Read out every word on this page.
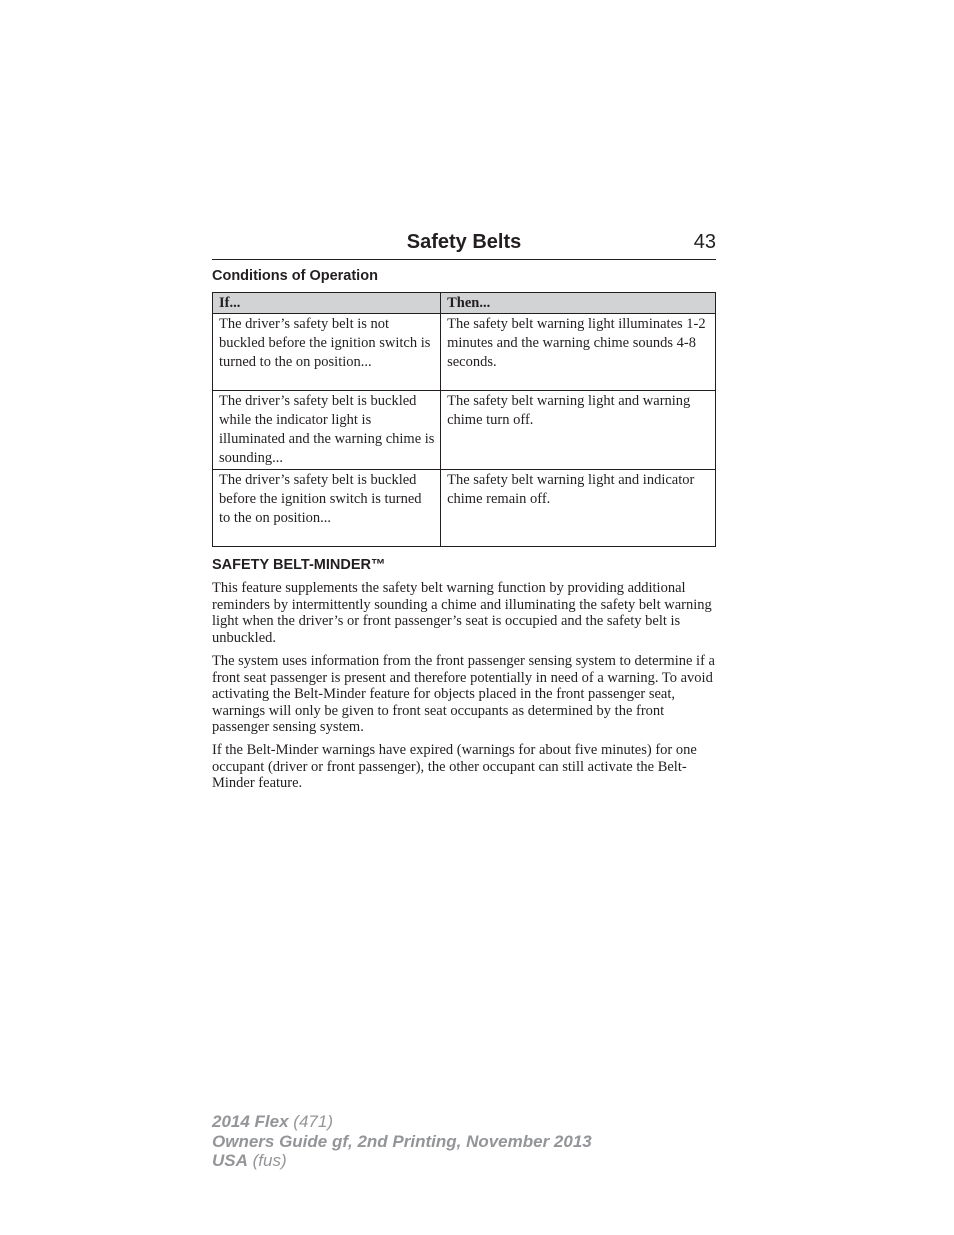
Safety Belts	43
Conditions of Operation
If...	Then...
The driver’s safety belt is not buckled before the ignition switch is turned to the on position...	The safety belt warning light illuminates 1-2 minutes and the warning chime sounds 4-8 seconds.
The driver’s safety belt is buckled while the indicator light is illuminated and the warning chime is sounding...	The safety belt warning light and warning chime turn off.
The driver’s safety belt is buckled before the ignition switch is turned to the on position...	The safety belt warning light and indicator chime remain off.
SAFETY BELT-MINDER™

This feature supplements the safety belt warning function by providing additional reminders by intermittently sounding a chime and illuminating the safety belt warning light when the driver’s or front passenger’s seat is occupied and the safety belt is unbuckled.

The system uses information from the front passenger sensing system to determine if a front seat passenger is present and therefore potentially in need of a warning. To avoid activating the Belt-Minder feature for objects placed in the front passenger seat, warnings will only be given to front seat occupants as determined by the front passenger sensing system.

If the Belt-Minder warnings have expired (warnings for about five minutes) for one occupant (driver or front passenger), the other occupant can still activate the Belt-Minder feature.

2014 Flex (471)
Owners Guide gf, 2nd Printing, November 2013
USA (fus)
